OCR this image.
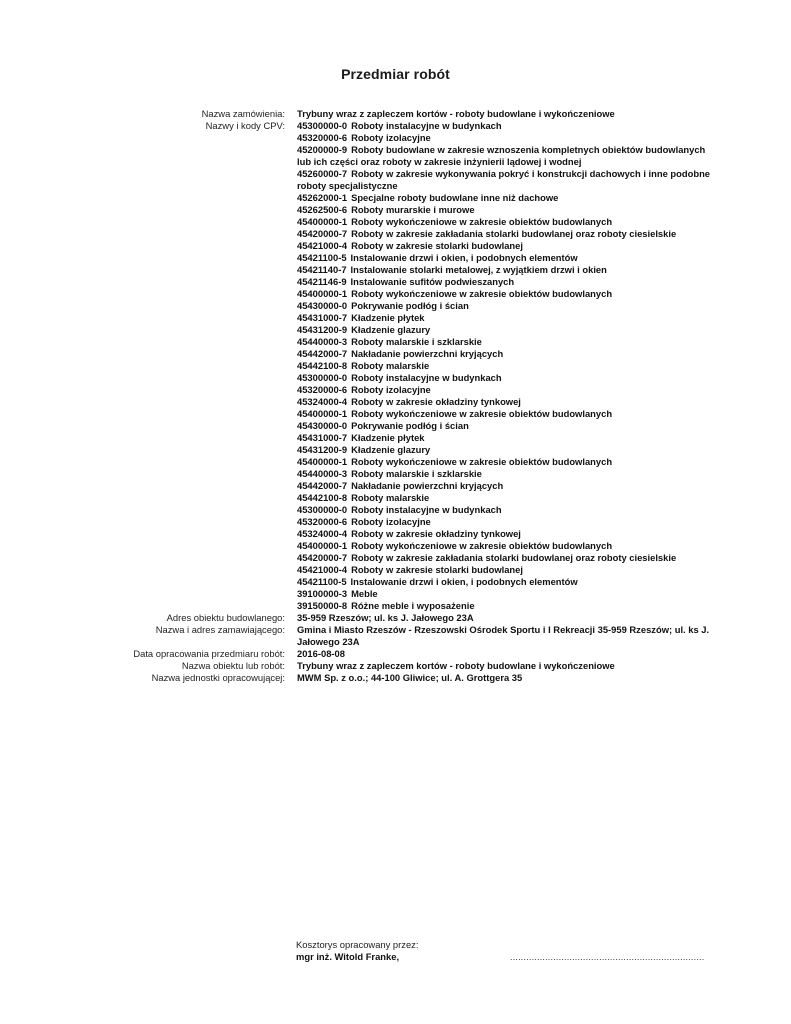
Przedmiar robót
Nazwa zamówienia: Trybuny wraz z zapleczem kortów - roboty budowlane i wykończeniowe
Nazwy i kody CPV: 45300000-0 Roboty instalacyjne w budynkach
45320000-6 Roboty izolacyjne
45200000-9 Roboty budowlane w zakresie wznoszenia kompletnych obiektów budowlanych lub ich części oraz roboty w zakresie inżynierii lądowej i wodnej
45260000-7 Roboty w zakresie wykonywania pokryć i konstrukcji dachowych i inne podobne roboty specjalistyczne
45262000-1 Specjalne roboty budowlane inne niż dachowe
45262500-6 Roboty murarskie i murowe
45400000-1 Roboty wykończeniowe w zakresie obiektów budowlanych
45420000-7 Roboty w zakresie zakładania stolarki budowlanej oraz roboty ciesielskie
45421000-4 Roboty w zakresie stolarki budowlanej
45421100-5 Instalowanie drzwi i okien, i podobnych elementów
45421140-7 Instalowanie stolarki metalowej, z wyjątkiem drzwi i okien
45421146-9 Instalowanie sufitów podwieszanych
45400000-1 Roboty wykończeniowe w zakresie obiektów budowlanych
45430000-0 Pokrywanie podłóg i ścian
45431000-7 Kładzenie płytek
45431200-9 Kładzenie glazury
45440000-3 Roboty malarskie i szklarskie
45442000-7 Nakładanie powierzchni kryjących
45442100-8 Roboty malarskie
45300000-0 Roboty instalacyjne w budynkach
45320000-6 Roboty izolacyjne
45324000-4 Roboty w zakresie okładziny tynkowej
45400000-1 Roboty wykończeniowe w zakresie obiektów budowlanych
45430000-0 Pokrywanie podłóg i ścian
45431000-7 Kładzenie płytek
45431200-9 Kładzenie glazury
45400000-1 Roboty wykończeniowe w zakresie obiektów budowlanych
45440000-3 Roboty malarskie i szklarskie
45442000-7 Nakładanie powierzchni kryjących
45442100-8 Roboty malarskie
45300000-0 Roboty instalacyjne w budynkach
45320000-6 Roboty izolacyjne
45324000-4 Roboty w zakresie okładziny tynkowej
45400000-1 Roboty wykończeniowe w zakresie obiektów budowlanych
45420000-7 Roboty w zakresie zakładania stolarki budowlanej oraz roboty ciesielskie
45421000-4 Roboty w zakresie stolarki budowlanej
45421100-5 Instalowanie drzwi i okien, i podobnych elementów
39100000-3 Meble
39150000-8 Różne meble i wyposażenie
Adres obiektu budowlanego: 35-959 Rzeszów; ul. ks J. Jałowego 23A
Nazwa i adres zamawiającego: Gmina i Miasto Rzeszów - Rzeszowski Ośrodek Sportu i I Rekreacji 35-959 Rzeszów; ul. ks J. Jałowego 23A
Data opracowania przedmiaru robót: 2016-08-08
Nazwa obiektu lub robót: Trybuny wraz z zapleczem kortów - roboty budowlane i wykończeniowe
Nazwa jednostki opracowującej: MWM Sp. z o.o.; 44-100 Gliwice; ul. A. Grottgera 35
Kosztorys opracowany przez:
mgr inż. Witold Franke,	........................................................................
